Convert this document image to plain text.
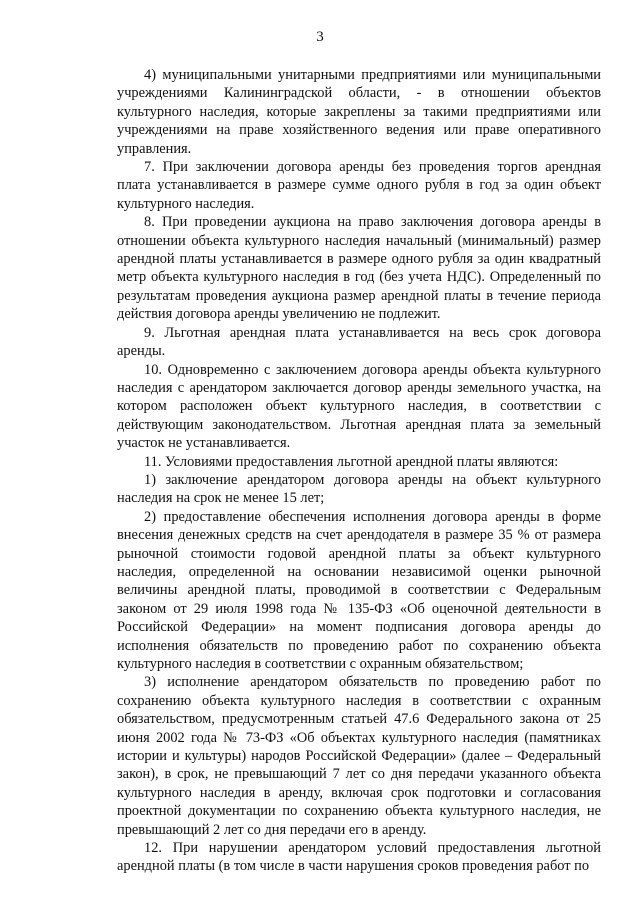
3

4) муниципальными унитарными предприятиями или муниципальными учреждениями Калининградской области, - в отношении объектов культурного наследия, которые закреплены за такими предприятиями или учреждениями на праве хозяйственного ведения или праве оперативного управления.

7. При заключении договора аренды без проведения торгов арендная плата устанавливается в размере сумме одного рубля в год за один объект культурного наследия.

8. При проведении аукциона на право заключения договора аренды в отношении объекта культурного наследия начальный (минимальный) размер арендной платы устанавливается в размере одного рубля за один квадратный метр объекта культурного наследия в год (без учета НДС). Определенный по результатам проведения аукциона размер арендной платы в течение периода действия договора аренды увеличению не подлежит.

9. Льготная арендная плата устанавливается на весь срок договора аренды.

10. Одновременно с заключением договора аренды объекта культурного наследия с арендатором заключается договор аренды земельного участка, на котором расположен объект культурного наследия, в соответствии с действующим законодательством. Льготная арендная плата за земельный участок не устанавливается.

11. Условиями предоставления льготной арендной платы являются:

1) заключение арендатором договора аренды на объект культурного наследия на срок не менее 15 лет;

2) предоставление обеспечения исполнения договора аренды в форме внесения денежных средств на счет арендодателя в размере 35 % от размера рыночной стоимости годовой арендной платы за объект культурного наследия, определенной на основании независимой оценки рыночной величины арендной платы, проводимой в соответствии с Федеральным законом от 29 июля 1998 года № 135-ФЗ «Об оценочной деятельности в Российской Федерации» на момент подписания договора аренды до исполнения обязательств по проведению работ по сохранению объекта культурного наследия в соответствии с охранным обязательством;

3) исполнение арендатором обязательств по проведению работ по сохранению объекта культурного наследия в соответствии с охранным обязательством, предусмотренным статьей 47.6 Федерального закона от 25 июня 2002 года № 73-ФЗ «Об объектах культурного наследия (памятниках истории и культуры) народов Российской Федерации» (далее – Федеральный закон), в срок, не превышающий 7 лет со дня передачи указанного объекта культурного наследия в аренду, включая срок подготовки и согласования проектной документации по сохранению объекта культурного наследия, не превышающий 2 лет со дня передачи его в аренду.

12. При нарушении арендатором условий предоставления льготной арендной платы (в том числе в части нарушения сроков проведения работ по
